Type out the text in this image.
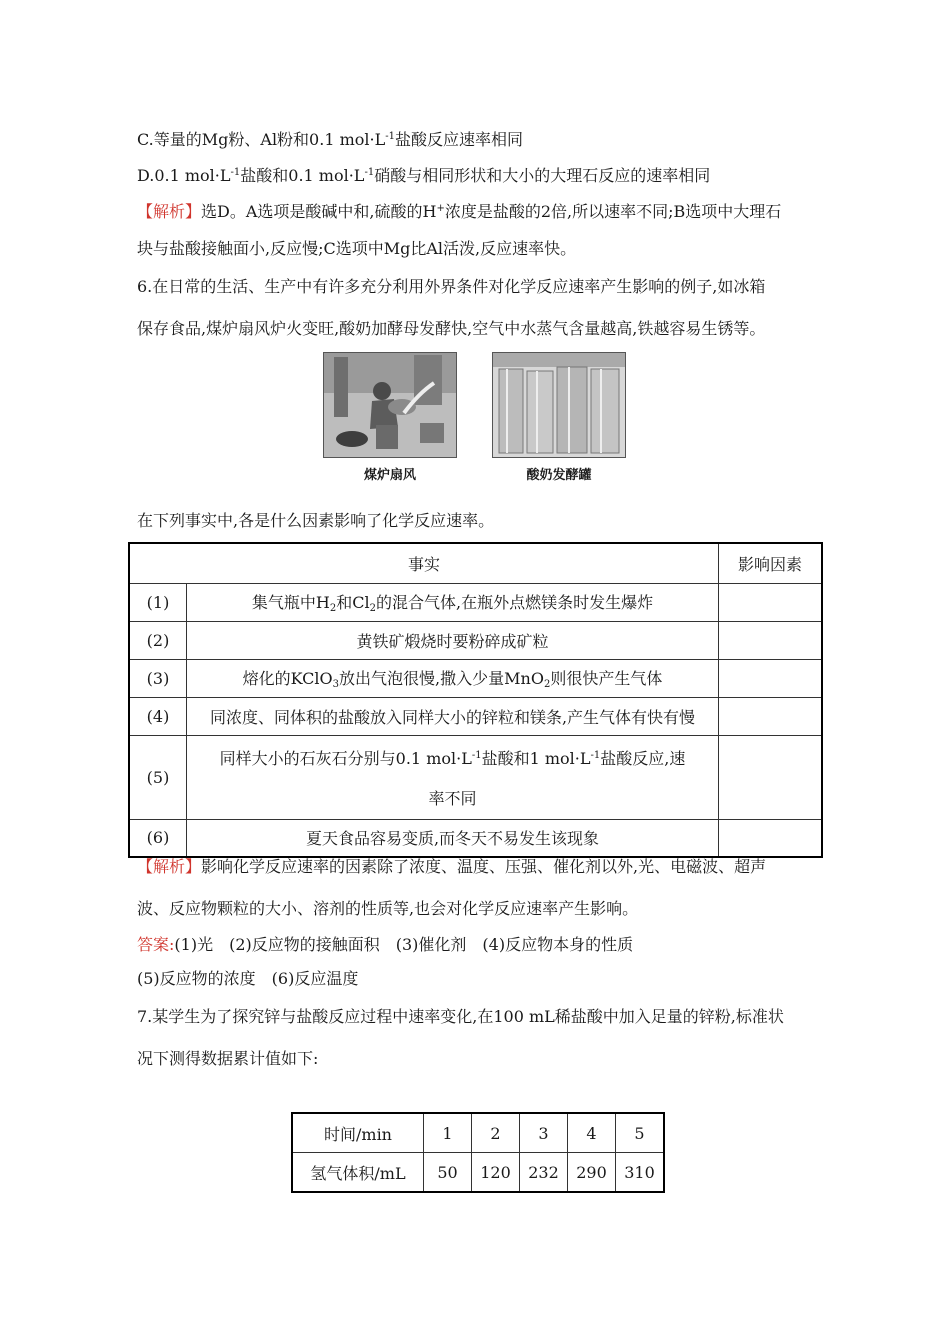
C.等量的Mg粉、Al粉和0.1 $mol\cdot L^{-1}$盐酸反应速率相同
D.0.1 $mol\cdot L^{-1}$盐酸和0.1 $mol\cdot L^{-1}$硝酸与相同形状和大小的大理石反应的速率相同
【解析】选D。A选项是酸碱中和,硫酸的H+浓度是盐酸的2倍,所以速率不同;B选项中大理石
块与盐酸接触面小,反应慢;C选项中Mg比Al活泼,反应速率快。
6.在日常的生活、生产中有许多充分利用外界条件对化学反应速率产生影响的例子,如冰箱
保存食品,煤炉扇风炉火变旺,酸奶加酵母发酵快,空气中水蒸气含量越高,铁越容易生锈等。
煤炉扇风	酸奶发酵罐
在下列事实中,各是什么因素影响了化学反应速率。
事实		影响因素
(1)	集气瓶中$H_2$和$Cl_2$的混合气体,在瓶外点燃镁条时发生爆炸	
(2)	黄铁矿煅烧时要粉碎成矿粒	
(3)	熔化的KClO$_3$放出气泡很慢,撒入少量MnO$_2$则很快产生气体	
(4)	同浓度、同体积的盐酸放入同样大小的锌粒和镁条,产生气体有快有慢	
(5)	同样大小的石灰石分别与0.1 $mol\cdot L^{-1}$盐酸和1 $mol\cdot L^{-1}$盐酸反应,速
率不同	

(6)	夏天食品容易变质,而冬天不易发生该现象	
【解析】影响化学反应速率的因素除了浓度、温度、压强、催化剂以外,光、电磁波、超声
波、反应物颗粒的大小、溶剂的性质等,也会对化学反应速率产生影响。
答案:(1)光　(2)反应物的接触面积　(3)催化剂　(4)反应物本身的性质
(5)反应物的浓度　(6)反应温度
7.某学生为了探究锌与盐酸反应过程中速率变化,在100 mL稀盐酸中加入足量的锌粉,标准状
况下测得数据累计值如下:
时间/min	1	2	3	4	5
氢气体积/mL	50	120	232	290	310
